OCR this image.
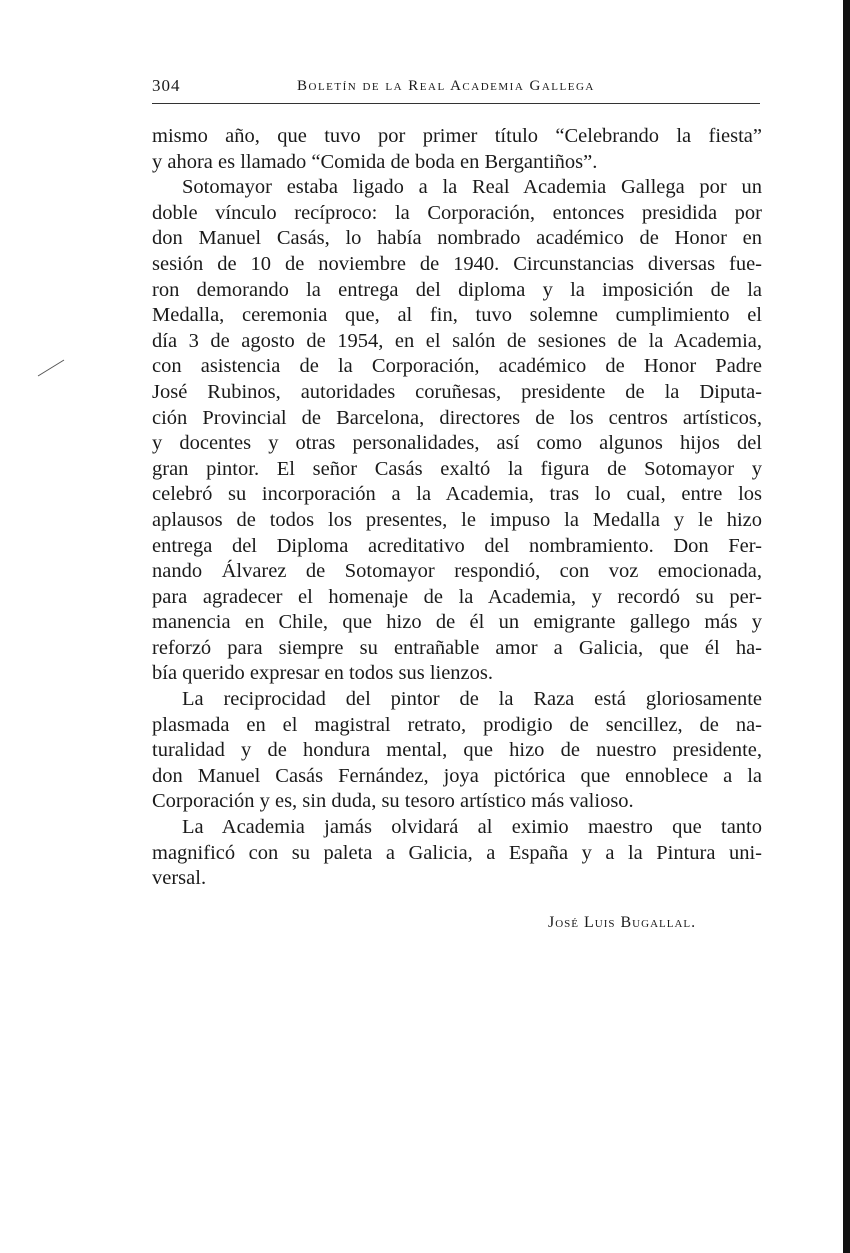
304	Boletín de la Real Academia Gallega
mismo año, que tuvo por primer título “Celebrando la fiesta”
y ahora es llamado “Comida de boda en Bergantiños”.
Sotomayor estaba ligado a la Real Academia Gallega por un
doble vínculo recíproco: la Corporación, entonces presidida por
don Manuel Casás, lo había nombrado académico de Honor en
sesión de 10 de noviembre de 1940. Circunstancias diversas fue-
ron demorando la entrega del diploma y la imposición de la
Medalla, ceremonia que, al fin, tuvo solemne cumplimiento el
día 3 de agosto de 1954, en el salón de sesiones de la Academia,
con asistencia de la Corporación, académico de Honor Padre
José Rubinos, autoridades coruñesas, presidente de la Diputa-
ción Provincial de Barcelona, directores de los centros artísticos,
y docentes y otras personalidades, así como algunos hijos del
gran pintor. El señor Casás exaltó la figura de Sotomayor y
celebró su incorporación a la Academia, tras lo cual, entre los
aplausos de todos los presentes, le impuso la Medalla y le hizo
entrega del Diploma acreditativo del nombramiento. Don Fer-
nando Álvarez de Sotomayor respondió, con voz emocionada,
para agradecer el homenaje de la Academia, y recordó su per-
manencia en Chile, que hizo de él un emigrante gallego más y
reforzó para siempre su entrañable amor a Galicia, que él ha-
bía querido expresar en todos sus lienzos.
La reciprocidad del pintor de la Raza está gloriosamente
plasmada en el magistral retrato, prodigio de sencillez, de na-
turalidad y de hondura mental, que hizo de nuestro presidente,
don Manuel Casás Fernández, joya pictórica que ennoblece a la
Corporación y es, sin duda, su tesoro artístico más valioso.
La Academia jamás olvidará al eximio maestro que tanto
magnificó con su paleta a Galicia, a España y a la Pintura uni-
versal.
José Luis Bugallal.
